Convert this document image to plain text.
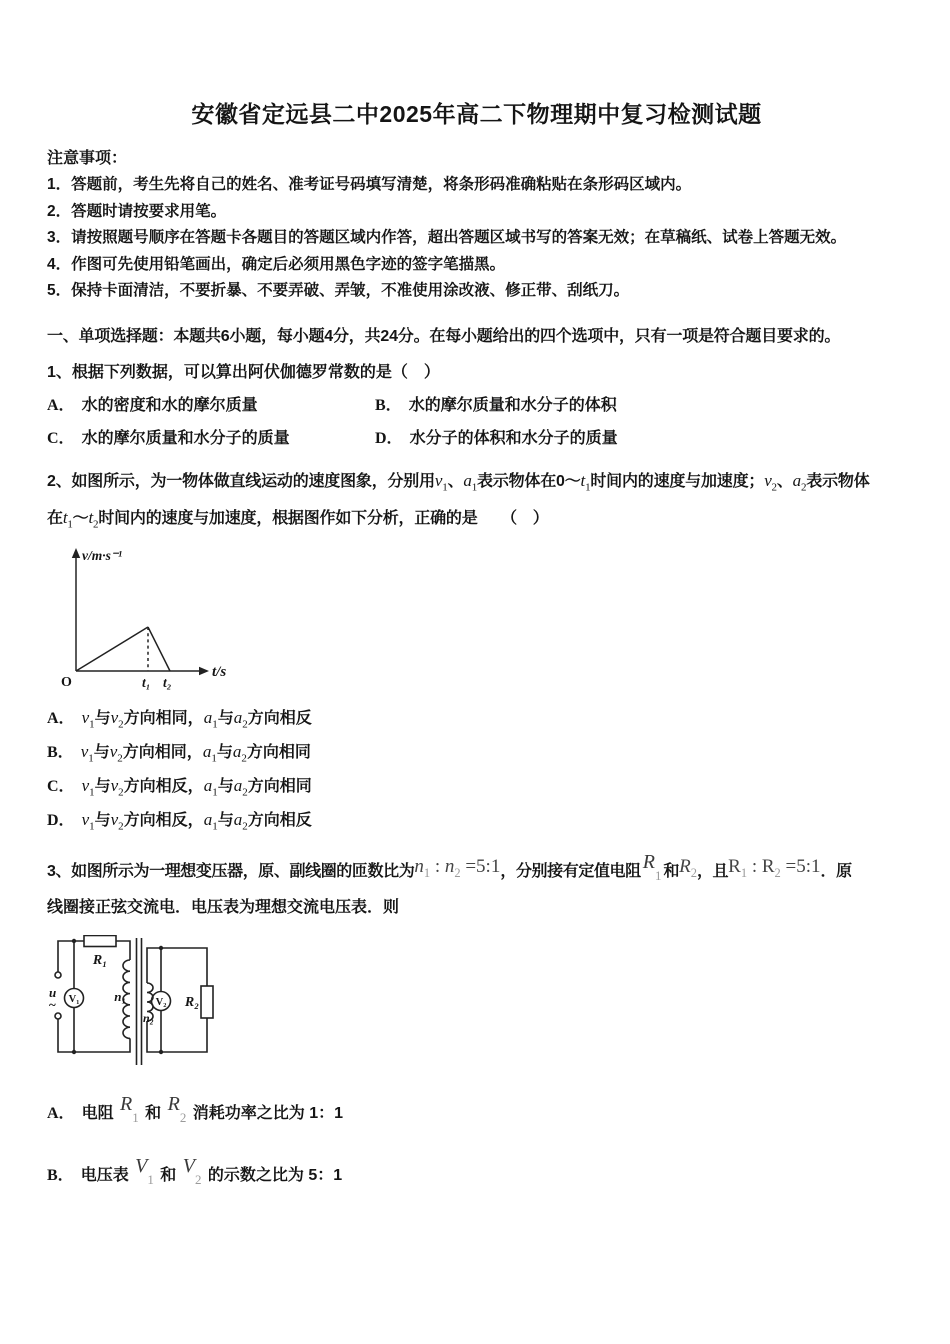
安徽省定远县二中2025年高二下物理期中复习检测试题
注意事项：
1．答题前，考生先将自己的姓名、准考证号码填写清楚，将条形码准确粘贴在条形码区域内。
2．答题时请按要求用笔。
3．请按照题号顺序在答题卡各题目的答题区域内作答，超出答题区域书写的答案无效；在草稿纸、试卷上答题无效。
4．作图可先使用铅笔画出，确定后必须用黑色字迹的签字笔描黑。
5．保持卡面清洁，不要折暴、不要弄破、弄皱，不准使用涂改液、修正带、刮纸刀。
一、单项选择题：本题共6小题，每小题4分，共24分。在每小题给出的四个选项中，只有一项是符合题目要求的。
1、根据下列数据，可以算出阿伏伽德罗常数的是（　）
A． 水的密度和水的摩尔质量	B． 水的摩尔质量和水分子的体积
C． 水的摩尔质量和水分子的质量	D． 水分子的体积和水分子的质量
2、如图所示，为一物体做直线运动的速度图象，分别用$v_1$、$a_1$表示物体在$0\sim t_1$时间内的速度与加速度；$v_2$、$a_2$表示物体
在$t_1\sim t_2$时间内的速度与加速度，根据图作如下分析，正确的是　　（　）
v/m·s⁻¹
t/s
O	t₁ t₂
A． $v_1$与$v_2$方向相同，$a_1$与$a_2$方向相反
B． $v_1$与$v_2$方向相同，$a_1$与$a_2$方向相同
C． $v_1$与$v_2$方向相反，$a_1$与$a_2$方向相同
D． $v_1$与$v_2$方向相反，$a_1$与$a_2$方向相反
3、如图所示为一理想变压器，原、副线圈的匝数比为$n_1$ : $n_2$ =5:1，分别接有定值电阻 $R_1$ 和$R_2$，且$R_1$ : $R_2$ =5:1．原
线圈接正弦交流电．电压表为理想交流电压表．则
u
~
R₁
V₁	n₁
n₂
V₂ R₂
A． 电阻 $R_1$ 和 $R_2$ 消耗功率之比为 1：1
B． 电压表 $V_1$ 和 $V_2$ 的示数之比为 5：1
